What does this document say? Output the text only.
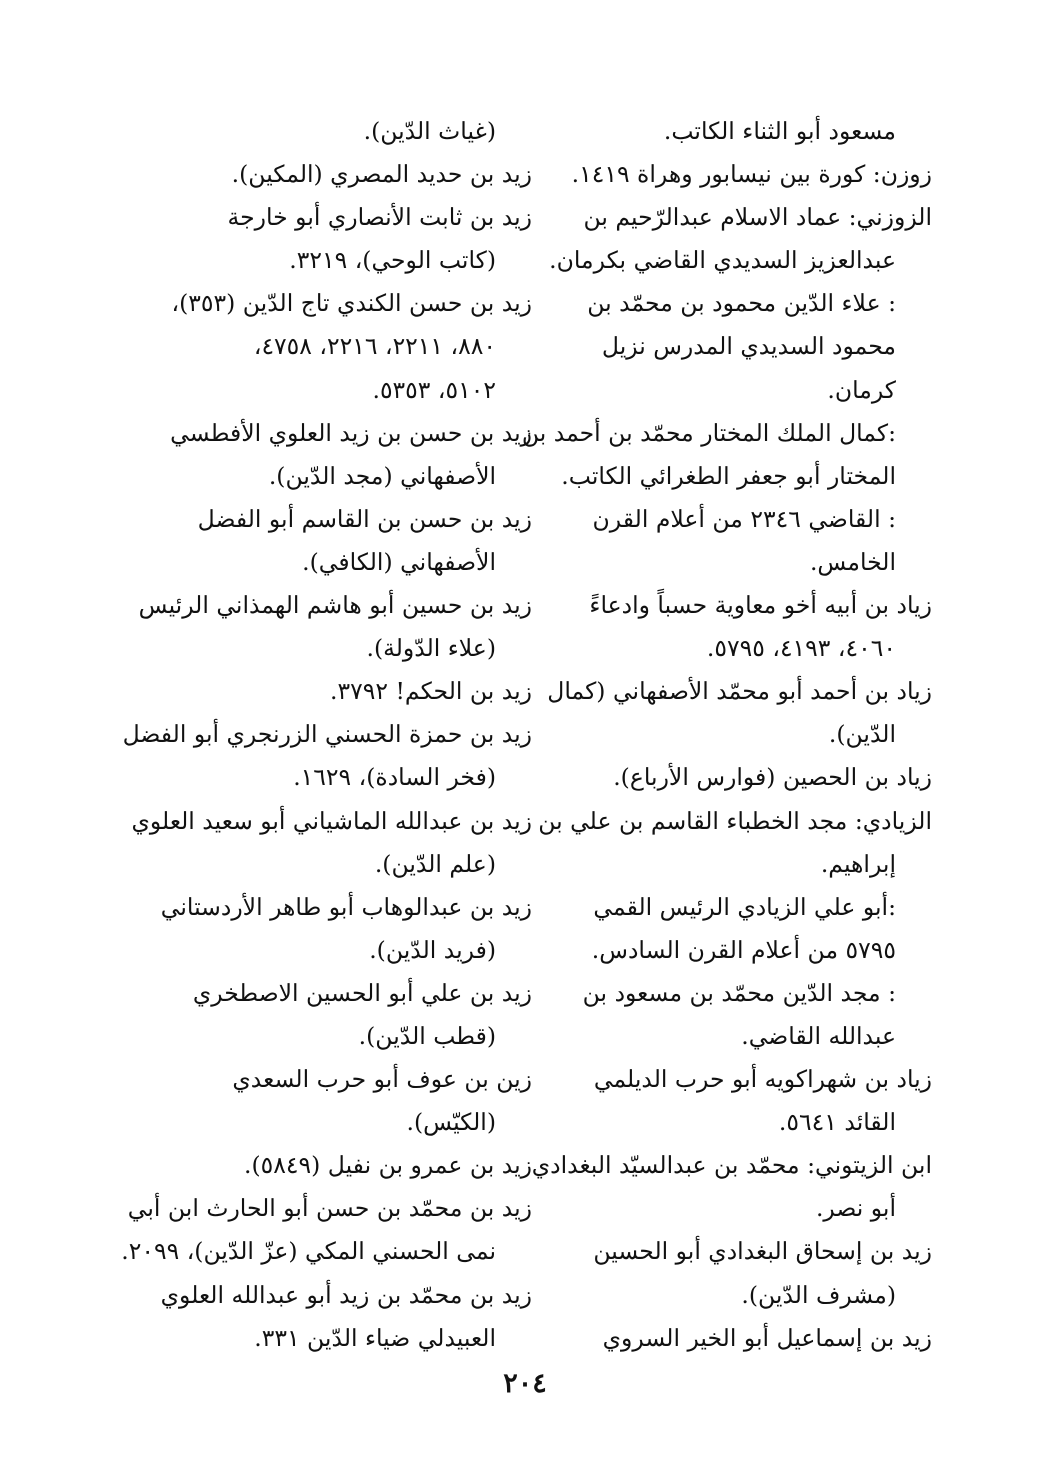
مسعود أبو الثناء الكاتب.
زوزن: كورة بين نيسابور وهراة ١٤١٩.
الزوزني: عماد الاسلام عبدالرّحيم بن
عبدالعزيز السديدي القاضي بكرمان.
: علاء الدّين محمود بن محمّد بن
محمود السديدي المدرس نزيل
كرمان.
:كمال الملك المختار محمّد بن أحمد بن
المختار أبو جعفر الطغرائي الكاتب.
: القاضي ٢٣٤٦ من أعلام القرن
الخامس.
زياد بن أبيه أخو معاوية حسباً وادعاءً
٤٠٦٠، ٤١٩٣، ٥٧٩٥.
زياد بن أحمد أبو محمّد الأصفهاني (كمال
الدّين).
زياد بن الحصين (فوارس الأرباع).
الزيادي: مجد الخطباء القاسم بن علي بن
إبراهيم.
:أبو علي الزيادي الرئيس القمي
٥٧٩٥ من أعلام القرن السادس.
: مجد الدّين محمّد بن مسعود بن
عبدالله القاضي.
زياد بن شهراكويه أبو حرب الديلمي
القائد ٥٦٤١.
ابن الزيتوني: محمّد بن عبدالسيّد البغدادي
أبو نصر.
زيد بن إسحاق البغدادي أبو الحسين
(مشرف الدّين).
زيد بن إسماعيل أبو الخير السروي
(غياث الدّين).
زيد بن حديد المصري (المكين).
زيد بن ثابت الأنصاري أبو خارجة
(كاتب الوحي)، ٣٢١٩.
زيد بن حسن الكندي تاج الدّين (٣٥٣)،
٨٨٠، ٢٢١١، ٢٢١٦، ٤٧٥٨،
٥١٠٢، ٥٣٥٣.
زيد بن حسن بن زيد العلوي الأفطسي
الأصفهاني (مجد الدّين).
زيد بن حسن بن القاسم أبو الفضل
الأصفهاني (الكافي).
زيد بن حسين أبو هاشم الهمذاني الرئيس
(علاء الدّولة).
زيد بن الحكم! ٣٧٩٢.
زيد بن حمزة الحسني الزرنجري أبو الفضل
(فخر السادة)، ١٦٢٩.
زيد بن عبدالله الماشياني أبو سعيد العلوي
(علم الدّين).
زيد بن عبدالوهاب أبو طاهر الأردستاني
(فريد الدّين).
زيد بن علي أبو الحسين الاصطخري
(قطب الدّين).
زين بن عوف أبو حرب السعدي
(الكيّس).
زيد بن عمرو بن نفيل (٥٨٤٩).
زيد بن محمّد بن حسن أبو الحارث ابن أبي
نمى الحسني المكي (عزّ الدّين)، ٢٠٩٩.
زيد بن محمّد بن زيد أبو عبدالله العلوي
العبيدلي ضياء الدّين ٣٣١.
٢٠٤
